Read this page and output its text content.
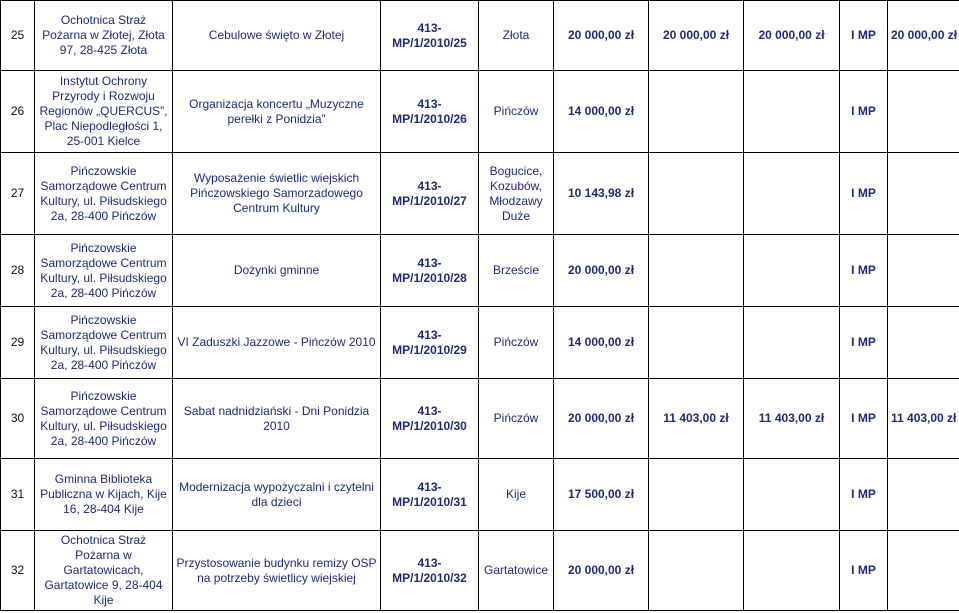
25	Ochotnica Straż Pożarna w Złotej, Złota 97, 28-425 Złota	Cebulowe święto w Złotej	413-MP/1/2010/25	Złota	20 000,00 zł	20 000,00 zł	20 000,00 zł	I MP	20 000,00 zł
26	Instytut Ochrony Przyrody i Rozwoju Regionów „QUERCUS”, Plac Niepodległości 1, 25-001 Kielce	Organizacja koncertu „Muzyczne perełki z Ponidzia”	413-MP/1/2010/26	Pińczów	14 000,00 zł			I MP	
27	Pińczowskie Samorządowe Centrum Kultury, ul. Piłsudskiego 2a, 28-400 Pińczów	Wyposażenie świetlic wiejskich Pińczowskiego Samorzadowego Centrum Kultury	413-MP/1/2010/27	Bogucice, Kozubów, Młodzawy Duże	10 143,98 zł			I MP	
28	Pińczowskie Samorządowe Centrum Kultury, ul. Piłsudskiego 2a, 28-400 Pińczów	Dożynki gminne	413-MP/1/2010/28	Brzeście	20 000,00 zł			I MP	
29	Pińczowskie Samorządowe Centrum Kultury, ul. Piłsudskiego 2a, 28-400 Pińczów	VI Zaduszki Jazzowe - Pińczów 2010	413-MP/1/2010/29	Pińczów	14 000,00 zł			I MP	
30	Pińczowskie Samorządowe Centrum Kultury, ul. Piłsudskiego 2a, 28-400 Pińczów	Sabat nadnidziański - Dni Ponidzia 2010	413-MP/1/2010/30	Pińczów	20 000,00 zł	11 403,00 zł	11 403,00 zł	I MP	11 403,00 zł
31	Gminna Biblioteka Publiczna w Kijach, Kije 16, 28-404 Kije	Modernizacja wypożyczalni i czytelni dla dzieci	413-MP/1/2010/31	Kije	17 500,00 zł			I MP	
32	Ochotnica Straż Pożarna w Gartatowicach, Gartatowice 9, 28-404 Kije	Przystosowanie budynku remizy OSP na potrzeby świetlicy wiejskiej	413-MP/1/2010/32	Gartatowice	20 000,00 zł			I MP	
